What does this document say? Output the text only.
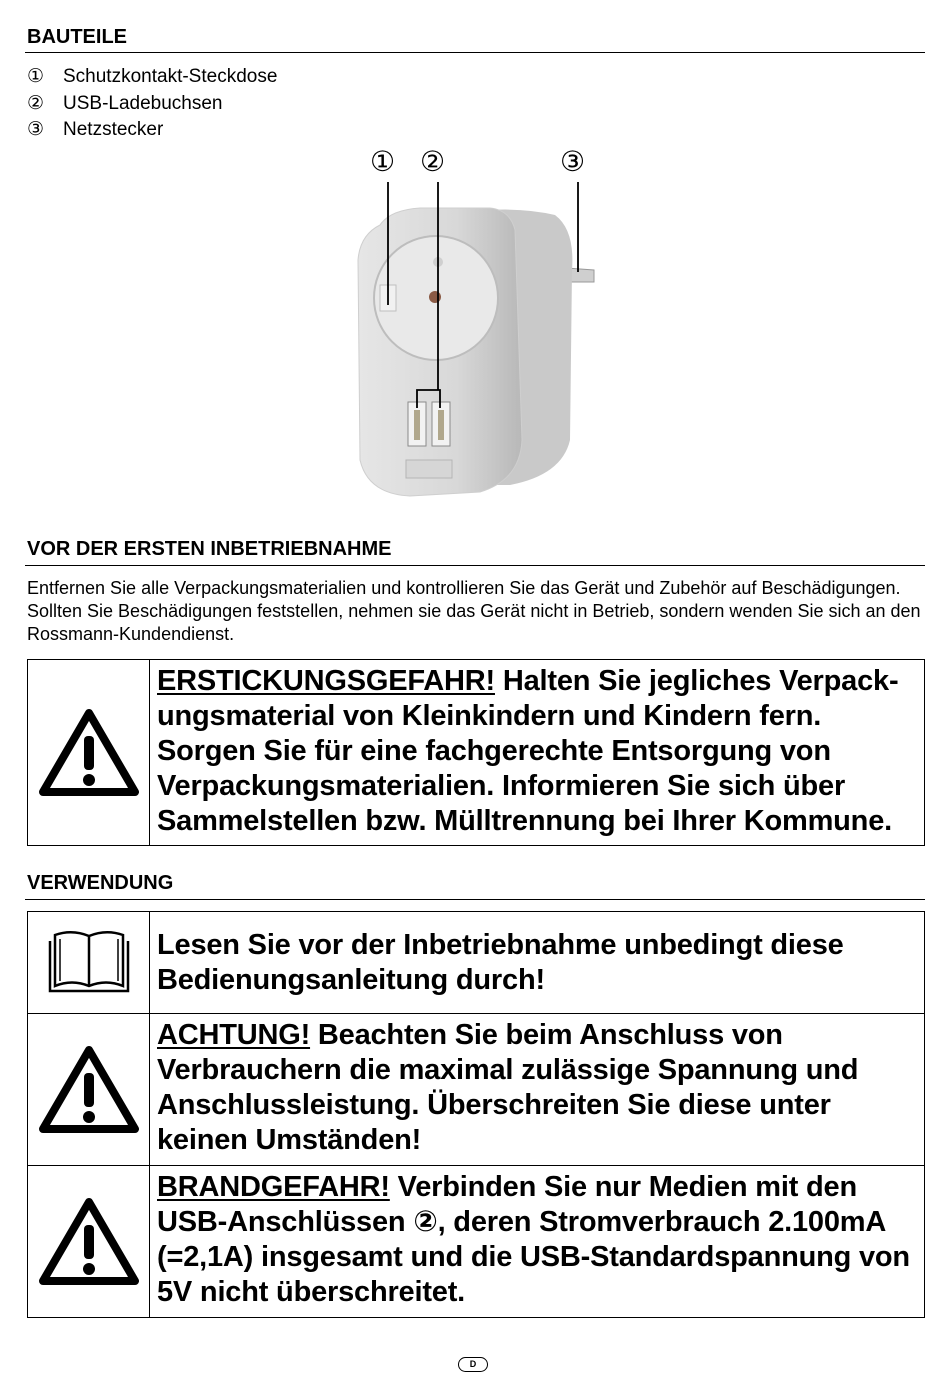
BAUTEILE
① Schutzkontakt-Steckdose
② USB-Ladebuchsen
③ Netzstecker
① ②	③
VOR DER ERSTEN INBETRIEBNAHME
Entfernen Sie alle Verpackungsmaterialien und kontrollieren Sie das Gerät und Zubehör auf Beschädigungen. Sollten Sie Beschädigungen feststellen, nehmen sie das Gerät nicht in Betrieb, sondern wenden Sie sich an den Rossmann-Kundendienst.
ERSTICKUNGSGEFAHR! Halten Sie jegliches Verpack-ungsmaterial von Kleinkindern und Kindern fern. Sorgen Sie für eine fachgerechte Entsorgung von Verpackungsmaterialien. Informieren Sie sich über Sammelstellen bzw. Mülltrennung bei Ihrer Kommune.
VERWENDUNG
Lesen Sie vor der Inbetriebnahme unbedingt diese Bedienungsanleitung durch!
ACHTUNG! Beachten Sie beim Anschluss von Verbrauchern die maximal zulässige Spannung und Anschlussleistung. Überschreiten Sie diese unter keinen Umständen!
BRANDGEFAHR! Verbinden Sie nur Medien mit den USB-Anschlüssen ②, deren Stromverbrauch 2.100mA (=2,1A) insgesamt und die USB-Standardspannung von 5V nicht überschreitet.
D
